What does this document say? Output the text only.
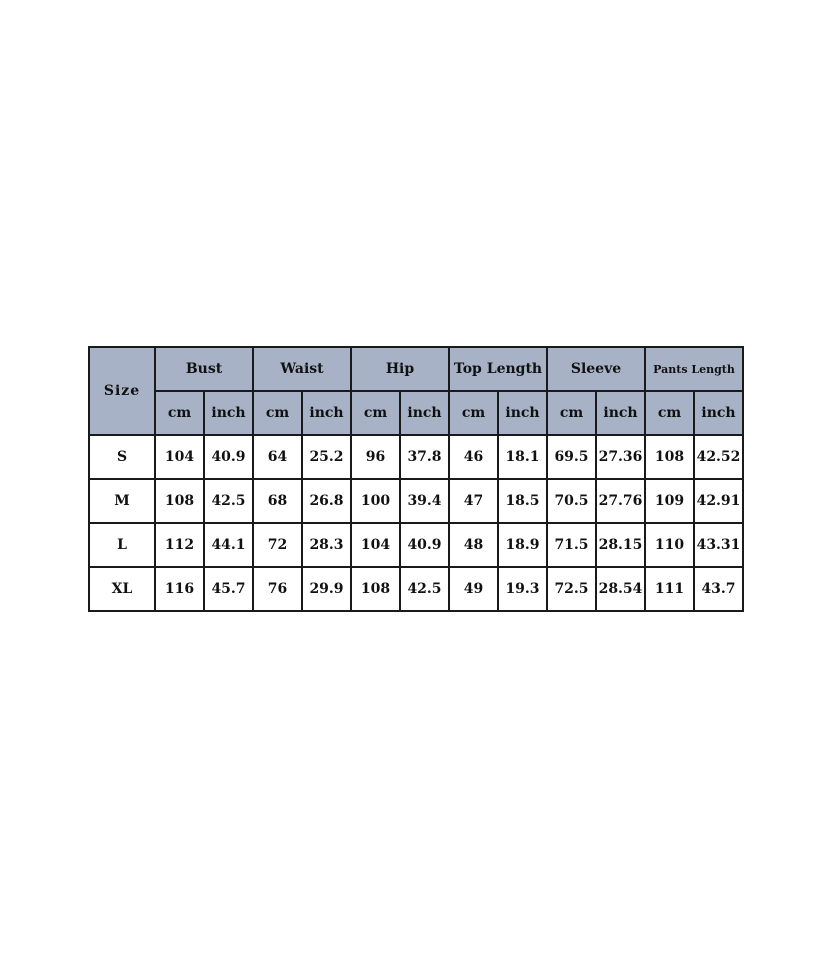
Size	Bust		Waist		Hip		Top Length		Sleeve		Pants Length	
	cm	inch	cm	inch	cm	inch	cm	inch	cm	inch	cm	inch
S	104	40.9	64	25.2	96	37.8	46	18.1	69.5	27.36	108	42.52
M	108	42.5	68	26.8	100	39.4	47	18.5	70.5	27.76	109	42.91
L	112	44.1	72	28.3	104	40.9	48	18.9	71.5	28.15	110	43.31
XL	116	45.7	76	29.9	108	42.5	49	19.3	72.5	28.54	111	43.7
